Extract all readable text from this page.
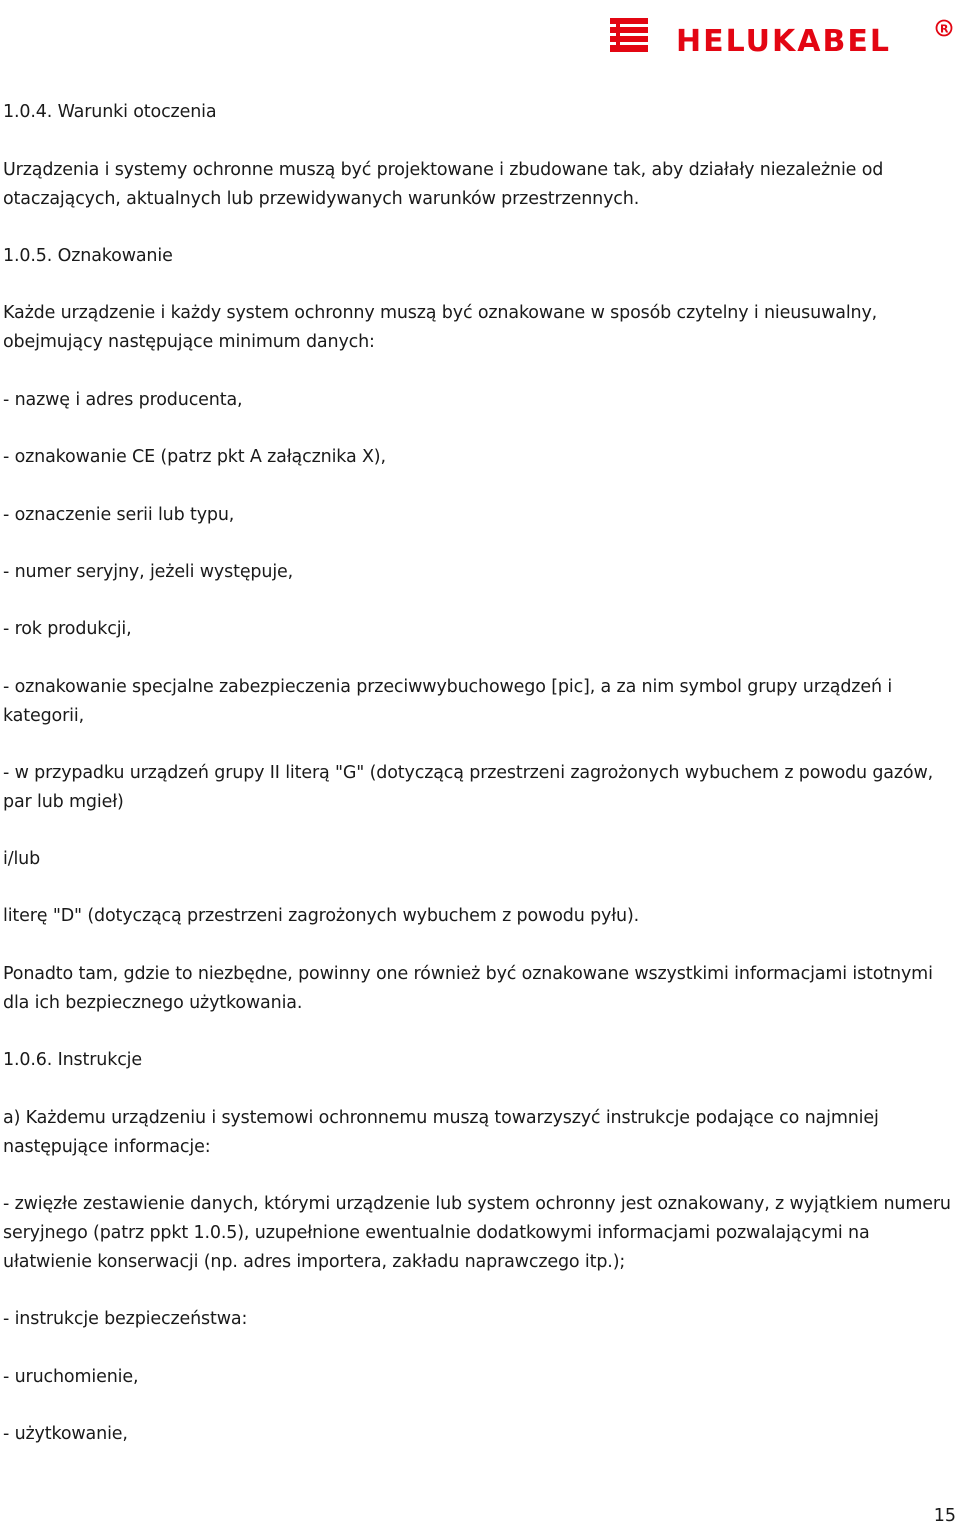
HELUKABEL	R

1.0.4. Warunki otoczenia

Urządzenia i systemy ochronne muszą być projektowane i zbudowane tak, aby działały niezależnie od

otaczających, aktualnych lub przewidywanych warunków przestrzennych.

1.0.5. Oznakowanie

Każde urządzenie i każdy system ochronny muszą być oznakowane w sposób czytelny i nieusuwalny,

obejmujący następujące minimum danych:

- nazwę i adres producenta,

- oznakowanie CE (patrz pkt A załącznika X),

- oznaczenie serii lub typu,

- numer seryjny, jeżeli występuje,

- rok produkcji,

- oznakowanie specjalne zabezpieczenia przeciwwybuchowego [pic], a za nim symbol grupy urządzeń i

kategorii,

- w przypadku urządzeń grupy II literą "G" (dotyczącą przestrzeni zagrożonych wybuchem z powodu gazów,

par lub mgieł)

i/lub

literę "D" (dotyczącą przestrzeni zagrożonych wybuchem z powodu pyłu).

Ponadto tam, gdzie to niezbędne, powinny one również być oznakowane wszystkimi informacjami istotnymi

dla ich bezpiecznego użytkowania.

1.0.6. Instrukcje

a) Każdemu urządzeniu i systemowi ochronnemu muszą towarzyszyć instrukcje podające co najmniej

następujące informacje:

- zwięzłe zestawienie danych, którymi urządzenie lub system ochronny jest oznakowany, z wyjątkiem numeru

seryjnego (patrz ppkt 1.0.5), uzupełnione ewentualnie dodatkowymi informacjami pozwalającymi na

ułatwienie konserwacji (np. adres importera, zakładu naprawczego itp.);

- instrukcje bezpieczeństwa:

- uruchomienie,

- użytkowanie,

15
